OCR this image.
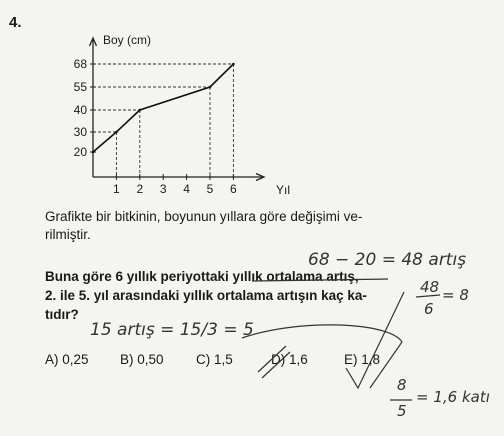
4.
1 2 3 4 5 6
20
30
40
55
68
Boy (cm)
Yıl
Grafikte bir bitkinin, boyunun yıllara göre değişimi ve-
rilmiştir.
Buna göre 6 yıllık periyottaki yıllık ortalama artış,
2. ile 5. yıl arasındaki yıllık ortalama artışın kaç ka-
tıdır?
A) 0,25 B) 0,50 C) 1,5	D) 1,6	E) 1,8
68 − 20 = 48 artış
48
6
= 8
15 artış = 15/3 = 5
8
5
= 1,6 katı
